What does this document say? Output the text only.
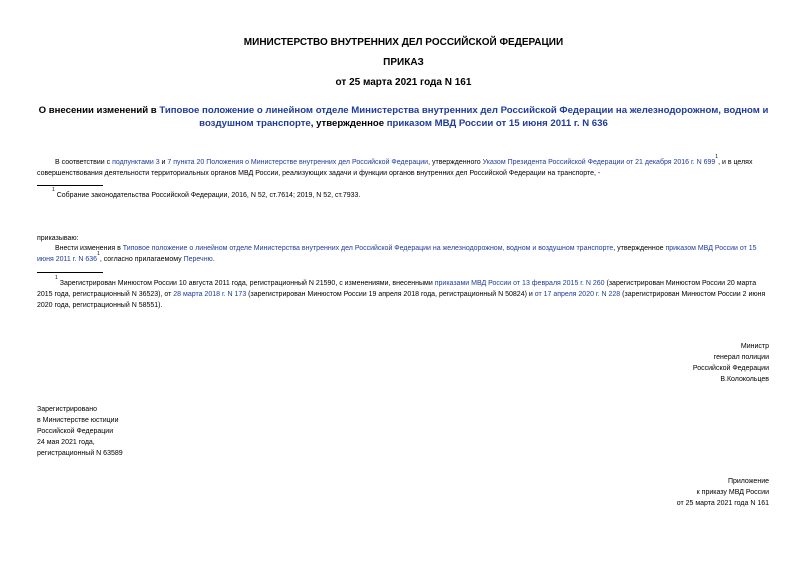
МИНИСТЕРСТВО ВНУТРЕННИХ ДЕЛ РОССИЙСКОЙ ФЕДЕРАЦИИ
ПРИКАЗ
от 25 марта 2021 года N 161
О внесении изменений в Типовое положение о линейном отделе Министерства внутренних дел Российской Федерации на железнодорожном, водном и воздушном транспорте, утвержденное приказом МВД России от 15 июня 2011 г. N 636
В соответствии с подпунктами 3 и 7 пункта 20 Положения о Министерстве внутренних дел Российской Федерации, утвержденного Указом Президента Российской Федерации от 21 декабря 2016 г. N $699^1$, и в целях совершенствования деятельности территориальных органов МВД России, реализующих задачи и функции органов внутренних дел Российской Федерации на транспорте, -
$^1$ Собрание законодательства Российской Федерации, 2016, N 52, ст.7614; 2019, N 52, ст.7933.
приказываю:
Внести изменения в Типовое положение о линейном отделе Министерства внутренних дел Российской Федерации на железнодорожном, водном и воздушном транспорте, утвержденное приказом МВД России от 15 июня 2011 г. N $636^1$, согласно прилагаемому Перечню.
$^1$ Зарегистрирован Минюстом России 10 августа 2011 года, регистрационный N 21590, с изменениями, внесенными приказами МВД России от 13 февраля 2015 г. N 260 (зарегистрирован Минюстом России 20 марта 2015 года, регистрационный N 36523), от 28 марта 2018 г. N 173 (зарегистрирован Минюстом России 19 апреля 2018 года, регистрационный N 50824) и от 17 апреля 2020 г. N 228 (зарегистрирован Минюстом России 2 июня 2020 года, регистрационный N 58551).
Министр
генерал полиции
Российской Федерации
В.Колокольцев
Зарегистрировано
в Министерстве юстиции
Российской Федерации
24 мая 2021 года,
регистрационный N 63589
Приложение
к приказу МВД России
от 25 марта 2021 года N 161
